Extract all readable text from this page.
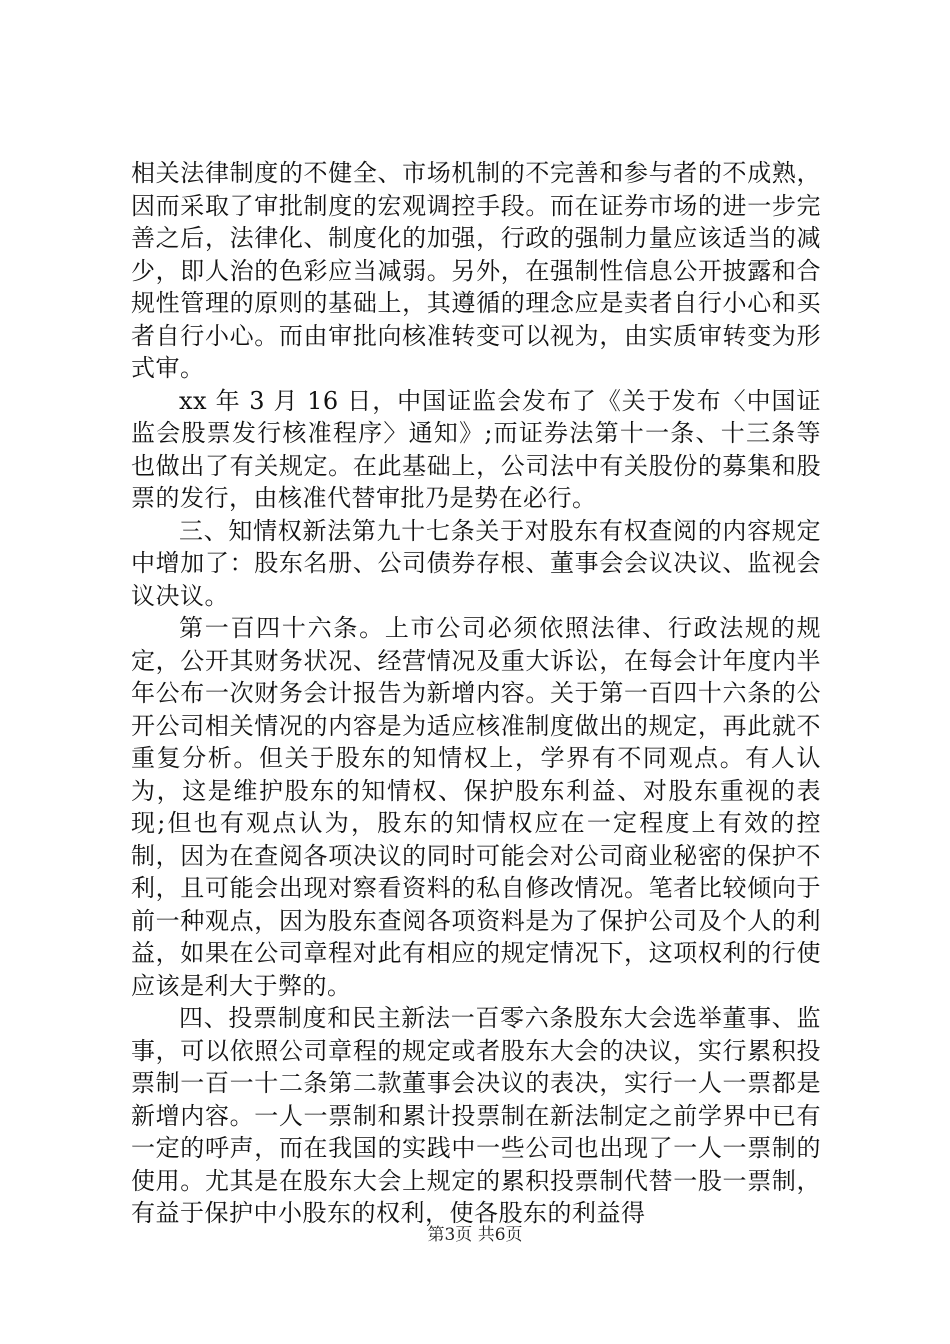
相关法律制度的不健全、市场机制的不完善和参与者的不成熟，因而采取了审批制度的宏观调控手段。而在证券市场的进一步完善之后，法律化、制度化的加强，行政的强制力量应该适当的减少，即人治的色彩应当减弱。另外，在强制性信息公开披露和合规性管理的原则的基础上，其遵循的理念应是卖者自行小心和买者自行小心。而由审批向核准转变可以视为，由实质审转变为形式审。

xx 年 3 月 16 日，中国证监会发布了《关于发布〈中国证监会股票发行核准程序〉通知》;而证券法第十一条、十三条等也做出了有关规定。在此基础上，公司法中有关股份的募集和股票的发行，由核准代替审批乃是势在必行。

三、知情权新法第九十七条关于对股东有权查阅的内容规定中增加了：股东名册、公司债券存根、董事会会议决议、监视会议决议。

第一百四十六条。上市公司必须依照法律、行政法规的规定，公开其财务状况、经营情况及重大诉讼，在每会计年度内半年公布一次财务会计报告为新增内容。关于第一百四十六条的公开公司相关情况的内容是为适应核准制度做出的规定，再此就不重复分析。但关于股东的知情权上，学界有不同观点。有人认为，这是维护股东的知情权、保护股东利益、对股东重视的表现;但也有观点认为，股东的知情权应在一定程度上有效的控制，因为在查阅各项决议的同时可能会对公司商业秘密的保护不利，且可能会出现对察看资料的私自修改情况。笔者比较倾向于前一种观点，因为股东查阅各项资料是为了保护公司及个人的利益，如果在公司章程对此有相应的规定情况下，这项权利的行使应该是利大于弊的。

四、投票制度和民主新法一百零六条股东大会选举董事、监事，可以依照公司章程的规定或者股东大会的决议，实行累积投票制一百一十二条第二款董事会决议的表决，实行一人一票都是新增内容。一人一票制和累计投票制在新法制定之前学界中已有一定的呼声，而在我国的实践中一些公司也出现了一人一票制的使用。尤其是在股东大会上规定的累积投票制代替一股一票制，有益于保护中小股东的权利，使各股东的利益得

第3页 共6页
